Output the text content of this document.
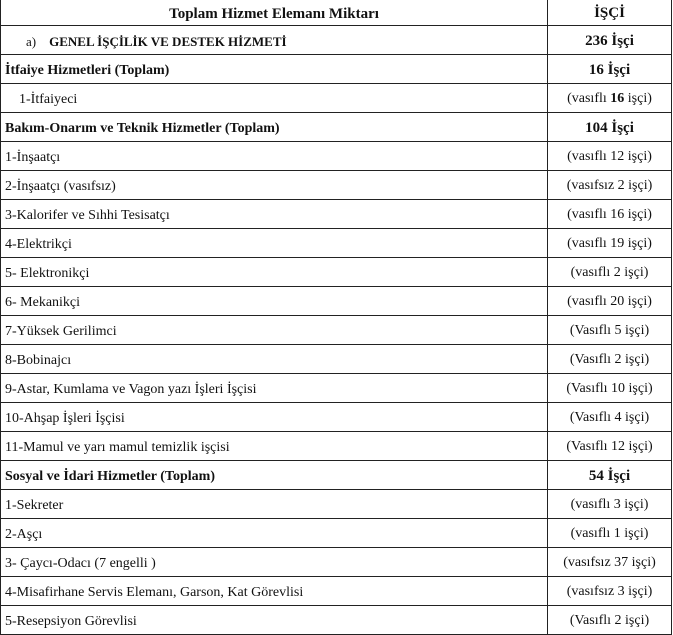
Toplam Hizmet Elemanı Miktarı	İŞÇİ
a) GENEL İŞÇİLİK VE DESTEK HİZMETİ	236 İşçi
İtfaiye Hizmetleri (Toplam)	16 İşçi
1-İtfaiyeci	(vasıflı 16 işçi)
Bakım-Onarım ve Teknik Hizmetler (Toplam)	104 İşçi
1-İnşaatçı	(vasıflı 12 işçi)
2-İnşaatçı (vasıfsız)	(vasıfsız 2 işçi)
3-Kalorifer ve Sıhhi Tesisatçı	(vasıflı 16 işçi)
4-Elektrikçi	(vasıflı 19 işçi)
5- Elektronikçi	(vasıflı 2 işçi)
6- Mekanikçi	(vasıflı 20 işçi)
7-Yüksek Gerilimci	(Vasıflı 5 işçi)
8-Bobinajcı	(Vasıflı 2 işçi)
9-Astar, Kumlama ve Vagon yazı İşleri İşçisi	(Vasıflı 10 işçi)
10-Ahşap İşleri İşçisi	(Vasıflı 4 işçi)
11-Mamul ve yarı mamul temizlik işçisi	(Vasıflı 12 işçi)
Sosyal ve İdari Hizmetler (Toplam)	54 İşçi
1-Sekreter	(vasıflı 3 işçi)
2-Aşçı	(vasıflı 1 işçi)
3- Çaycı-Odacı (7 engelli )	(vasıfsız 37 işçi)
4-Misafirhane Servis Elemanı, Garson, Kat Görevlisi	(vasıfsız 3 işçi)
5-Resepsiyon Görevlisi	(Vasıflı 2 işçi)
